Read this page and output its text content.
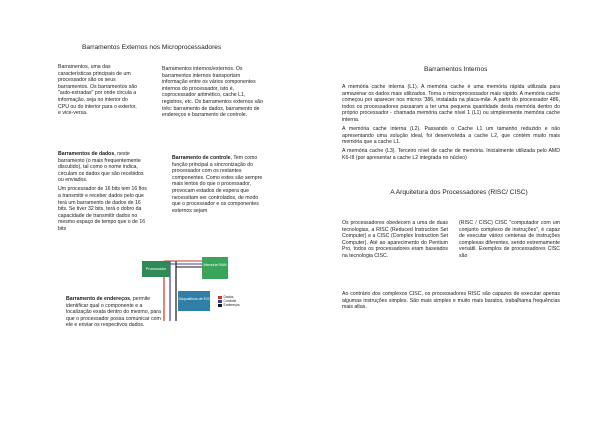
Barramentos Externos nos Microprocessadores
Barramentos, uma das características principais de um processador são os seus barramentos. Os barramentos são "auto-estradas" por onde circula a informação, seja no interior do CPU ou do interior para o exterior, e vice-versa.
Barramentos internos/externos. Os barramentos internos transportam informação entre os vários componentes internos do processador, isto é, coprocessador aritmético, cache L1, registros, etc. Os barramentos externos são três: barramento de dados, barramento de endereços e barramento de controle.

Barramentos de dados, neste barramento (o mais frequentemente discutido), tal como o nome indica, circulam os dados que são recebidos ou enviados.

Um processador de 16 bits tem 16 fios a transmitir e receber dados pelo que terá um barramento de dados de 16 bits. Se tiver 32 bits, terá o dobro da capacidade de transmitir dados no mesmo espaço de tempo que o de 16 bits

Barramento de controle, Tem como função principal a sincronização do processador com os restantes componentes. Como estes são sempre mais lentos do que o processador, provocam estados de espera que necessitam ser controlados, de modo que o processador e os componentes externos sejam
Processador
Memória RAM
Dispositivos de E/S	Dados
Controle
Endereços
Barramento de endereços, permite identificar qual o componente e a localização exata dentro do mesmo, para que o processador possa comunicar com ele e enviar os respectivos dados.
Barramentos Internos

A memória cache interna (L1). A memória cache é uma memória rápida utilizada para armazenar os dados mais utilizados. Torna o microprocessador mais rápido. A memória cache começou por aparecer nos micros '386, instalada na placa-mãe. A partir do processador 486, todos os processadores passaram a ter uma pequena quantidade desta memória dentro do próprio processador - chamada memória cache nível 1 (L1) ou simplesmente memória cache interna.

A memória cache interna (L2). Passando o Cache L1 um tamanho reduzido e não apresentando uma solução ideal, foi desenvolvida a cache L2, que contém muito mais memória que a cache L1.

A memória cache (L3). Terceiro nível de cache de memória. Inicialmente utilizada pelo AMD K6-III (por apresentar a cache L2 integrada no núcleo)

A Arquitetura dos Processadores (RISC/ CISC)
Os processadores obedecem a uma de duas tecnologias, a RISC (Reduced Instruction Set Computer) e a CISC (Complex Instruction Set Computer). Até ao aparecimento do Pentium Pro, todos os processadores eram baseados na tecnologia CISC.
(RISC / CISC) CISC "computador com um conjunto complexo de instruções", é capaz de executar vários centenas de instruções complexas diferentes, sendo extremamente versátil. Exemplos de processadores CISC são
Ao contrário dos complexos CISC, os processadores RISC são capazes de executar apenas algumas instruções simples. São mais simples e muito mais baratos, trabalhama frequências mais altas.
